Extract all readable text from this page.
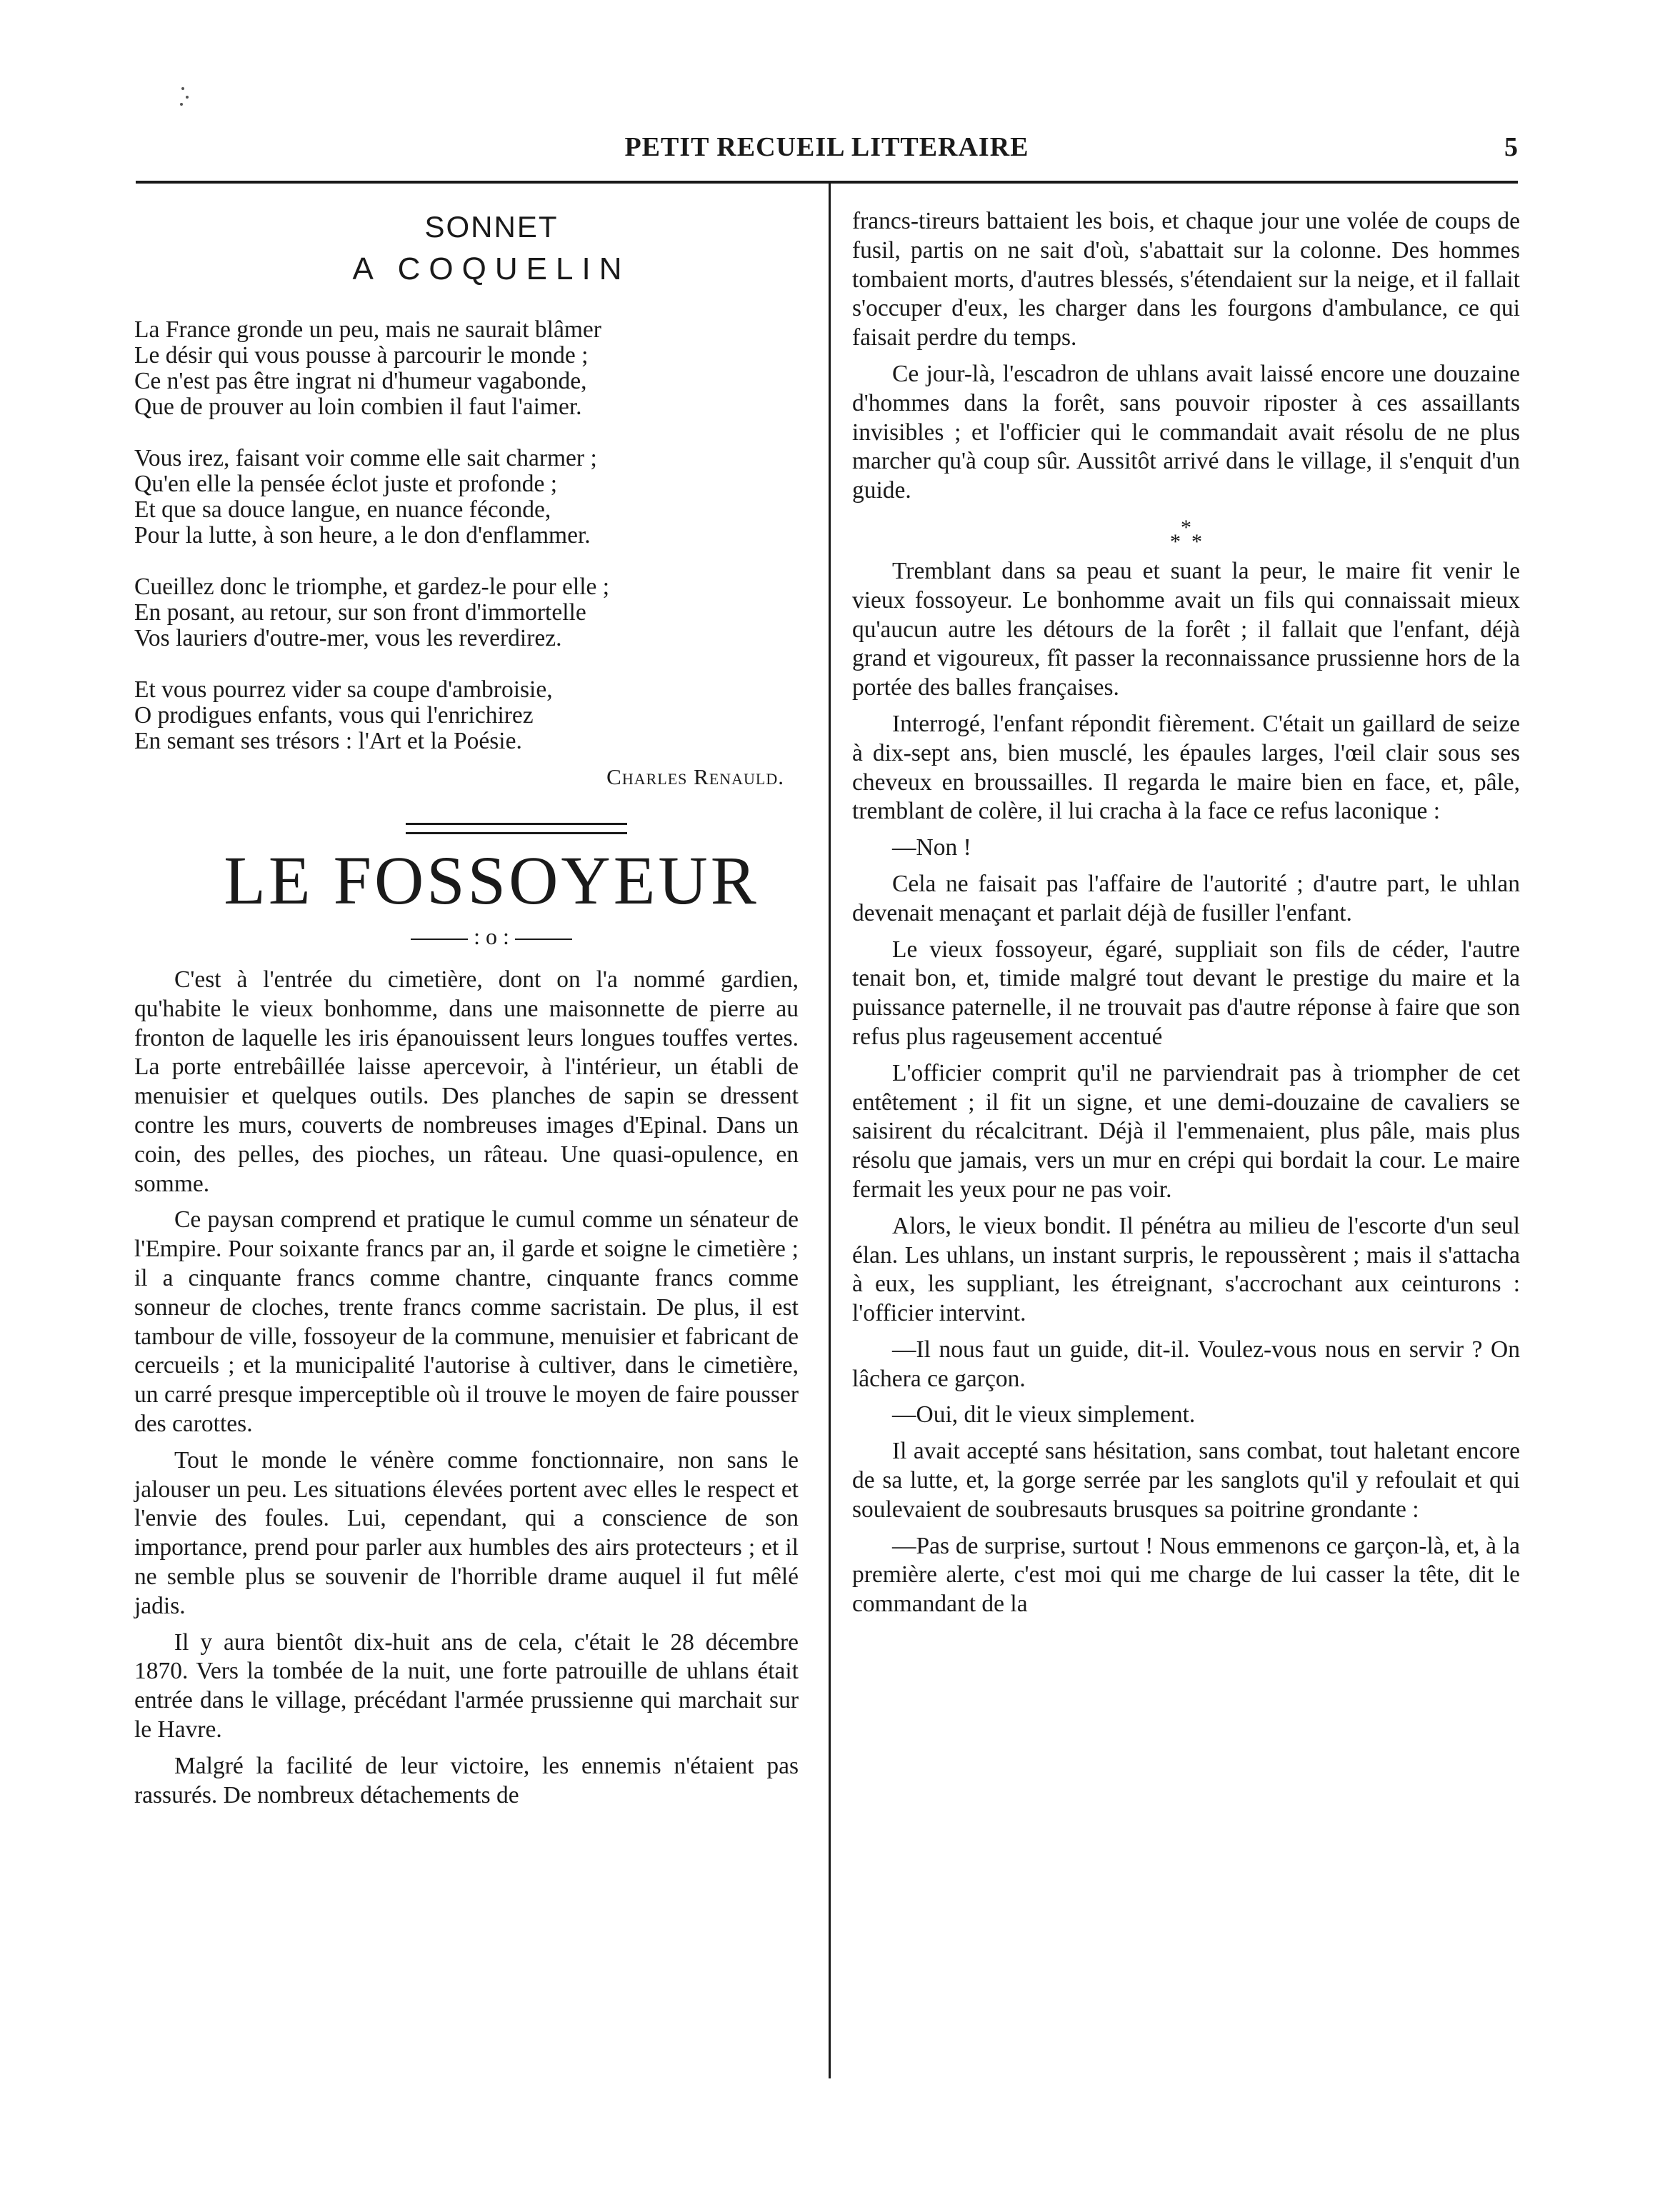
PETIT RECUEIL LITTERAIRE	5
SONNET
A COQUELIN
La France gronde un peu, mais ne saurait blâmer
Le désir qui vous pousse à parcourir le monde ;
Ce n'est pas être ingrat ni d'humeur vagabonde,
Que de prouver au loin combien il faut l'aimer.
Vous irez, faisant voir comme elle sait charmer ;
Qu'en elle la pensée éclot juste et profonde ;
Et que sa douce langue, en nuance féconde,
Pour la lutte, à son heure, a le don d'enflammer.
Cueillez donc le triomphe, et gardez-le pour elle ;
En posant, au retour, sur son front d'immortelle
Vos lauriers d'outre-mer, vous les reverdirez.
Et vous pourrez vider sa coupe d'ambroisie,
O prodigues enfants, vous qui l'enrichirez
En semant ses trésors : l'Art et la Poésie.
Charles Renauld.
LE FOSSOYEUR
: o :

C'est à l'entrée du cimetière, dont on l'a nommé gardien, qu'habite le vieux bonhomme, dans une maisonnette de pierre au fronton de laquelle les iris épanouissent leurs longues touffes vertes. La porte entrebâillée laisse apercevoir, à l'intérieur, un établi de menuisier et quelques outils. Des planches de sapin se dressent contre les murs, couverts de nombreuses images d'Epinal. Dans un coin, des pelles, des pioches, un râteau. Une quasi-opulence, en somme.

Ce paysan comprend et pratique le cumul comme un sénateur de l'Empire. Pour soixante francs par an, il garde et soigne le cimetière ; il a cinquante francs comme chantre, cinquante francs comme sonneur de cloches, trente francs comme sacristain. De plus, il est tambour de ville, fossoyeur de la commune, menuisier et fabricant de cercueils ; et la municipalité l'autorise à cultiver, dans le cimetière, un carré presque imperceptible où il trouve le moyen de faire pousser des carottes.

Tout le monde le vénère comme fonctionnaire, non sans le jalouser un peu. Les situations élevées portent avec elles le respect et l'envie des foules. Lui, cependant, qui a conscience de son importance, prend pour parler aux humbles des airs protecteurs ; et il ne semble plus se souvenir de l'horrible drame auquel il fut mêlé jadis.

Il y aura bientôt dix-huit ans de cela, c'était le 28 décembre 1870. Vers la tombée de la nuit, une forte patrouille de uhlans était entrée dans le village, précédant l'armée prussienne qui marchait sur le Havre.

Malgré la facilité de leur victoire, les ennemis n'étaient pas rassurés. De nombreux détachements de

francs-tireurs battaient les bois, et chaque jour une volée de coups de fusil, partis on ne sait d'où, s'abattait sur la colonne. Des hommes tombaient morts, d'autres blessés, s'étendaient sur la neige, et il fallait s'occuper d'eux, les charger dans les fourgons d'ambulance, ce qui faisait perdre du temps.

Ce jour-là, l'escadron de uhlans avait laissé encore une douzaine d'hommes dans la forêt, sans pouvoir riposter à ces assaillants invisibles ; et l'officier qui le commandait avait résolu de ne plus marcher qu'à coup sûr. Aussitôt arrivé dans le village, il s'enquit d'un guide.

*
* *

Tremblant dans sa peau et suant la peur, le maire fit venir le vieux fossoyeur. Le bonhomme avait un fils qui connaissait mieux qu'aucun autre les détours de la forêt ; il fallait que l'enfant, déjà grand et vigoureux, fît passer la reconnaissance prussienne hors de la portée des balles françaises.

Interrogé, l'enfant répondit fièrement. C'était un gaillard de seize à dix-sept ans, bien musclé, les épaules larges, l'œil clair sous ses cheveux en broussailles. Il regarda le maire bien en face, et, pâle, tremblant de colère, il lui cracha à la face ce refus laconique :

—Non !

Cela ne faisait pas l'affaire de l'autorité ; d'autre part, le uhlan devenait menaçant et parlait déjà de fusiller l'enfant.

Le vieux fossoyeur, égaré, suppliait son fils de céder, l'autre tenait bon, et, timide malgré tout devant le prestige du maire et la puissance paternelle, il ne trouvait pas d'autre réponse à faire que son refus plus rageusement accentué

L'officier comprit qu'il ne parviendrait pas à triompher de cet entêtement ; il fit un signe, et une demi-douzaine de cavaliers se saisirent du récalcitrant. Déjà il l'emmenaient, plus pâle, mais plus résolu que jamais, vers un mur en crépi qui bordait la cour. Le maire fermait les yeux pour ne pas voir.

Alors, le vieux bondit. Il pénétra au milieu de l'escorte d'un seul élan. Les uhlans, un instant surpris, le repoussèrent ; mais il s'attacha à eux, les suppliant, les étreignant, s'accrochant aux ceinturons : l'officier intervint.

—Il nous faut un guide, dit-il. Voulez-vous nous en servir ? On lâchera ce garçon.

—Oui, dit le vieux simplement.

Il avait accepté sans hésitation, sans combat, tout haletant encore de sa lutte, et, la gorge serrée par les sanglots qu'il y refoulait et qui soulevaient de soubresauts brusques sa poitrine grondante :

—Pas de surprise, surtout ! Nous emmenons ce garçon-là, et, à la première alerte, c'est moi qui me charge de lui casser la tête, dit le commandant de la
